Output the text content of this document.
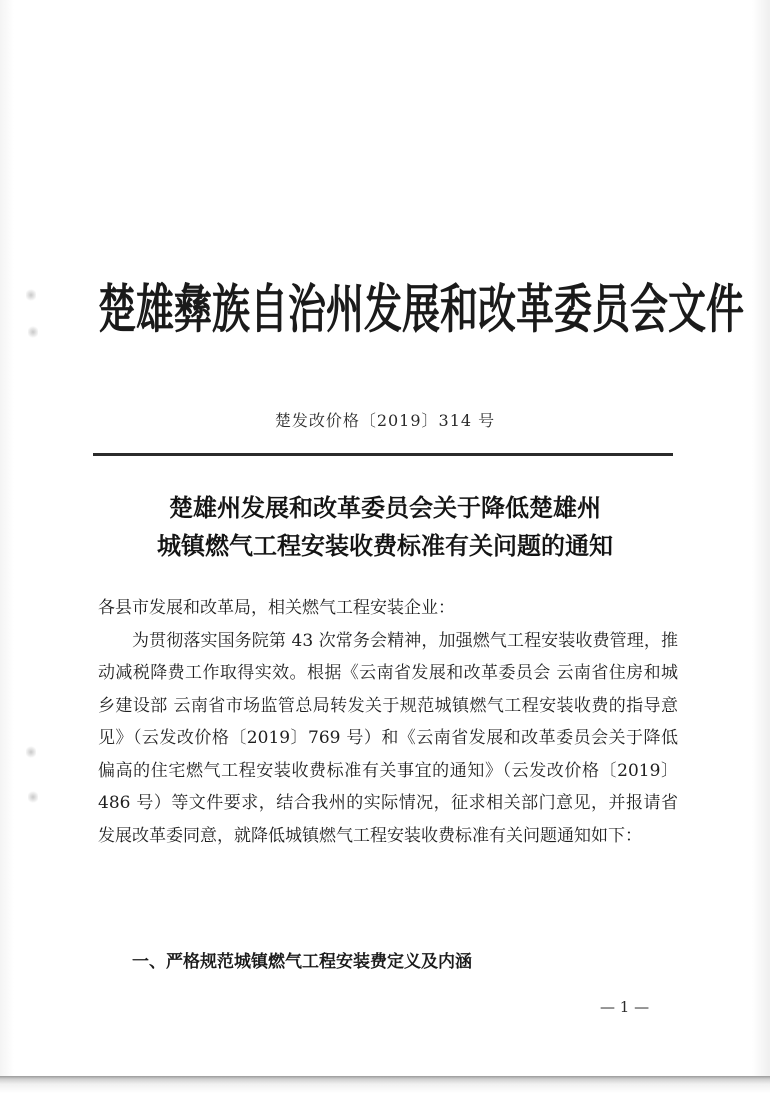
楚雄彝族自治州发展和改革委员会文件
楚发改价格〔2019〕314 号
楚雄州发展和改革委员会关于降低楚雄州
城镇燃气工程安装收费标准有关问题的通知

各县市发展和改革局，相关燃气工程安装企业：

为贯彻落实国务院第 43 次常务会精神，加强燃气工程安装收费管理，推动减税降费工作取得实效。根据《云南省发展和改革委员会 云南省住房和城乡建设部 云南省市场监管总局转发关于规范城镇燃气工程安装收费的指导意见》（云发改价格〔2019〕769 号）和《云南省发展和改革委员会关于降低偏高的住宅燃气工程安装收费标准有关事宜的通知》（云发改价格〔2019〕486 号）等文件要求，结合我州的实际情况，征求相关部门意见，并报请省发展改革委同意，就降低城镇燃气工程安装收费标准有关问题通知如下：

一、严格规范城镇燃气工程安装费定义及内涵
— 1 —
